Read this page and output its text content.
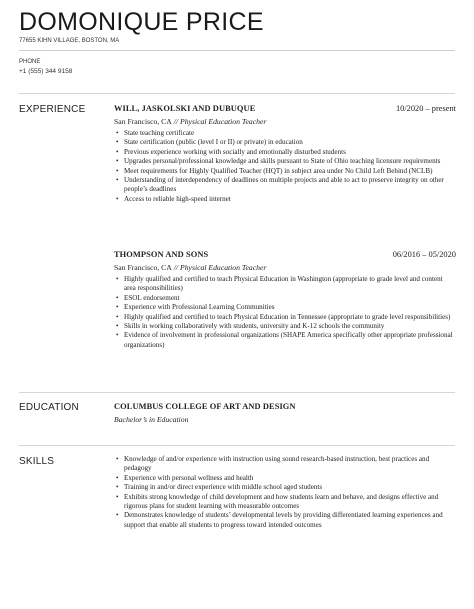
DOMONIQUE PRICE
77655 KIHN VILLAGE, BOSTON, MA
PHONE
+1 (555) 344 9158
EXPERIENCE	WILL, JASKOLSKI AND DUBUQUE	10/2020 – present
San Francisco, CA // Physical Education Teacher
• State teaching certificate
• State certification (public (level I or II) or private) in education
• Previous experience working with socially and emotionally disturbed students
• Upgrades personal/professional knowledge and skills pursuant to State of Ohio teaching licensure requirements
• Meet requirements for Highly Qualified Teacher (HQT) in subject area under No Child Left Behind (NCLB)
• Understanding of interdependency of deadlines on multiple projects and able to act to preserve integrity on other people’s deadlines
• Access to reliable high-speed internet
THOMPSON AND SONS	06/2016 – 05/2020
San Francisco, CA // Physical Education Teacher
• Highly qualified and certified to teach Physical Education in Washington (appropriate to grade level and content area responsibilities)
• ESOL endorsement
• Experience with Professional Learning Communities
• Highly qualified and certified to teach Physical Education in Tennessee (appropriate to grade level responsibilities)
• Skills in working collaboratively with students, university and K-12 schools the community
• Evidence of involvement in professional organizations (SHAPE America specifically other appropriate professional organizations)
EDUCATION	COLUMBUS COLLEGE OF ART AND DESIGN
Bachelor’s in Education
SKILLS
•	Knowledge of and/or experience with instruction using sound research-based instruction, best practices and pedagogy
• Experience with personal wellness and health
• Training in and/or direct experience with middle school aged students
• Exhibits strong knowledge of child development and how students learn and behave, and designs effective and rigorous plans for student learning with measurable outcomes
• Demonstrates knowledge of students’ developmental levels by providing differentiated learning experiences and support that enable all students to progress toward intended outcomes
